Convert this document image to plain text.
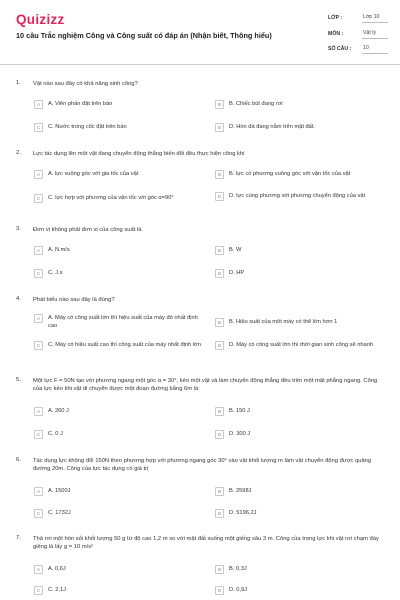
Quizizz
10 câu Trắc nghiệm Công và Công suất có đáp án (Nhận biết, Thông hiểu)
LỚP :	Lớp 10
MÔN :	Vật lý
SỐ CÂU :	10
1. Vật nào sau đây có khả năng sinh công?
A	A. Viên phấn đặt trên bàn	B	B. Chiếc bút đang rơi
C	C. Nước trong cốc đặt trên bàn	D	D. Hòn đá đang nằm trên mặt đất.
2. Lực tác dụng lên một vật đang chuyển động thẳng biến đổi đều thực hiện công khi
A	A. lực vuông góc với gia tốc của vật	B	B. lực có phương vuông góc với vận tốc của vật
C	C. lực hợp với phương của vận tốc với góc α=90°	D	D. lực cùng phương với phương chuyển động của vật
3. Đơn vị không phải đơn vị của công suất là
A	A. N.m/s	B	B. W
C	C. J.s	D	D. HP
4. Phát biểu nào sau đây là đúng?
A	A. Máy có công suất lớn thì hiệu suất của máy đó nhất định cao
B	B. Hiệu suất của một máy có thể lớn hơn 1
C	C. Máy có hiệu suất cao thì công suất của máy nhất định lớn	D	D. Máy có công suất lớn thì thời gian sinh công sẽ nhanh
5. Một lực F = 50N tạo với phương ngang một góc α = 30°, kéo một vật và làm chuyển động thẳng đều trên một mặt phẳng ngang. Công của lực kéo khi vật di chuyển được một đoạn đường bằng 6m là:
A	A. 260 J	B	B. 150 J
C	C. 0 J	D	D. 300 J
6. Tác dụng lực không đổi 150N theo phương hợp với phương ngang góc 30° vào vật khối lượng m làm vật chuyển động được quãng đường 20m. Công của lực tác dụng có giá trị
A	A. 1500J	B	B. 2598J
C	C. 1732J	D	D. 5196,2J
7. Thả rơi một hòn sỏi khối lượng 50 g từ độ cao 1,2 m so với mặt đất xuống một giếng sâu 3 m. Công của trọng lực khi vật rơi chạm đáy giếng là lấy g = 10 m/s²
A	A. 0,6J	B	B. 0,3J
C	C. 2,1J	D	D. 0,9J
